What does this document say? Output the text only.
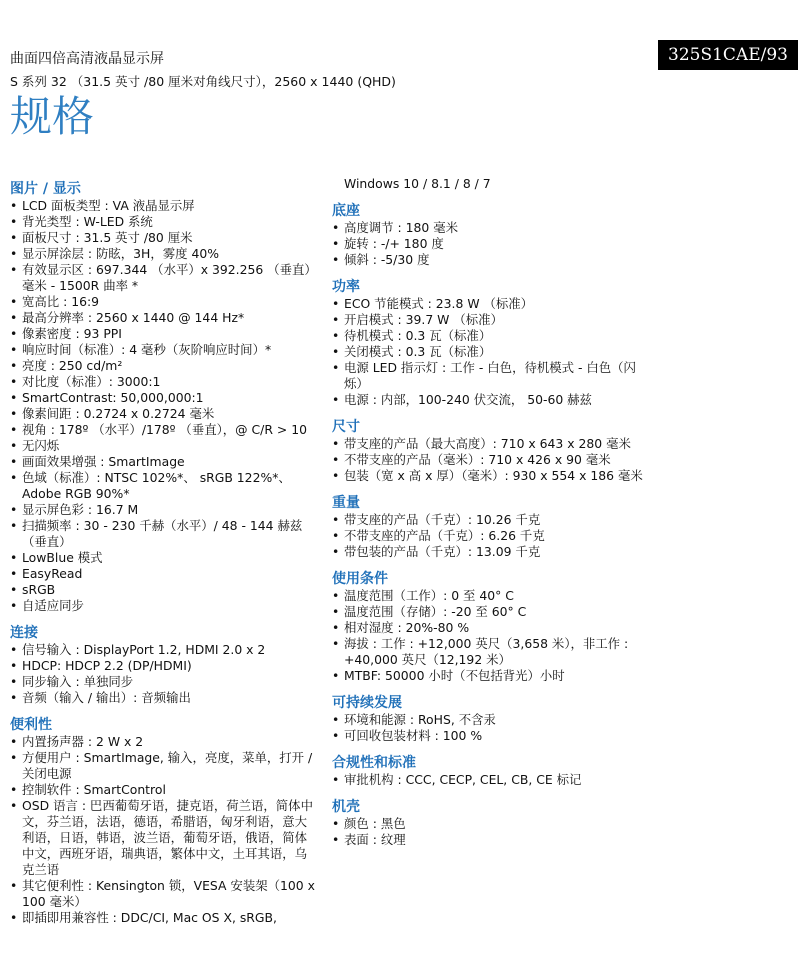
曲面四倍高清液晶显示屏
S 系列 32 （31.5 英寸 /80 厘米对角线尺寸），2560 x 1440 (QHD)
325S1CAE/93
规格
图片 / 显示
• LCD 面板类型 : VA 液晶显示屏
• 背光类型 : W-LED 系统
• 面板尺寸 : 31.5 英寸 /80 厘米
• 显示屏涂层 : 防眩，3H，雾度 40%
• 有效显示区 : 697.344 （水平）x 392.256 （垂直）毫米 - 1500R 曲率 *
• 宽高比 : 16:9
• 最高分辨率 : 2560 x 1440 @ 144 Hz*
• 像素密度 : 93 PPI
• 响应时间（标准）: 4 毫秒（灰阶响应时间）*
• 亮度 : 250 cd/m²
• 对比度（标准）: 3000:1
• SmartContrast: 50,000,000:1
• 像素间距 : 0.2724 x 0.2724 毫米
• 视角 : 178º （水平）/178º （垂直），@ C/R > 10
• 无闪烁
• 画面效果增强 : SmartImage
• 色域（标准）: NTSC 102%*、 sRGB 122%*、Adobe RGB 90%*
• 显示屏色彩 : 16.7 M
• 扫描频率 : 30 - 230 千赫（水平）/ 48 - 144 赫兹（垂直）
• LowBlue 模式
• EasyRead
• sRGB
• 自适应同步
连接
• 信号输入 : DisplayPort 1.2, HDMI 2.0 x 2
• HDCP: HDCP 2.2 (DP/HDMI)
• 同步输入 : 单独同步
• 音频（输入 / 输出）: 音频输出
便利性
• 内置扬声器 : 2 W x 2
• 方便用户 : SmartImage, 输入，亮度，菜单，打开 / 关闭电源
• 控制软件 : SmartControl
• OSD 语言 : 巴西葡萄牙语，捷克语，荷兰语，简体中文，芬兰语，法语，德语，希腊语，匈牙利语，意大利语，日语，韩语，波兰语，葡萄牙语，俄语，简体中文，西班牙语，瑞典语，繁体中文，土耳其语，乌克兰语
• 其它便利性 : Kensington 锁，VESA 安装架（100 x 100 毫米）
• 即插即用兼容性 : DDC/CI, Mac OS X, sRGB,
Windows 10 / 8.1 / 8 / 7
底座
• 高度调节 : 180 毫米
• 旋转 : -/+ 180 度
• 倾斜 : -5/30 度
功率
• ECO 节能模式 : 23.8 W （标准）
• 开启模式 : 39.7 W （标准）
• 待机模式 : 0.3 瓦（标准）
• 关闭模式 : 0.3 瓦（标准）
• 电源 LED 指示灯 : 工作 - 白色，待机模式 - 白色（闪烁）
• 电源 : 内部，100-240 伏交流， 50-60 赫兹
尺寸
• 带支座的产品（最大高度）: 710 x 643 x 280 毫米
• 不带支座的产品（毫米）: 710 x 426 x 90 毫米
• 包装（宽 x 高 x 厚）（毫米）: 930 x 554 x 186 毫米
重量
• 带支座的产品（千克）: 10.26 千克
• 不带支座的产品（千克）: 6.26 千克
• 带包装的产品（千克）: 13.09 千克
使用条件
• 温度范围（工作）: 0 至 40° C
• 温度范围（存储）: -20 至 60° C
• 相对湿度 : 20%-80 %
• 海拔 : 工作 : +12,000 英尺（3,658 米），非工作 : +40,000 英尺（12,192 米）
• MTBF: 50000 小时（不包括背光）小时
可持续发展
• 环境和能源 : RoHS, 不含汞
• 可回收包装材料 : 100 %
合规性和标准
• 审批机构 : CCC, CECP, CEL, CB, CE 标记
机壳
• 颜色 : 黑色
• 表面 : 纹理
